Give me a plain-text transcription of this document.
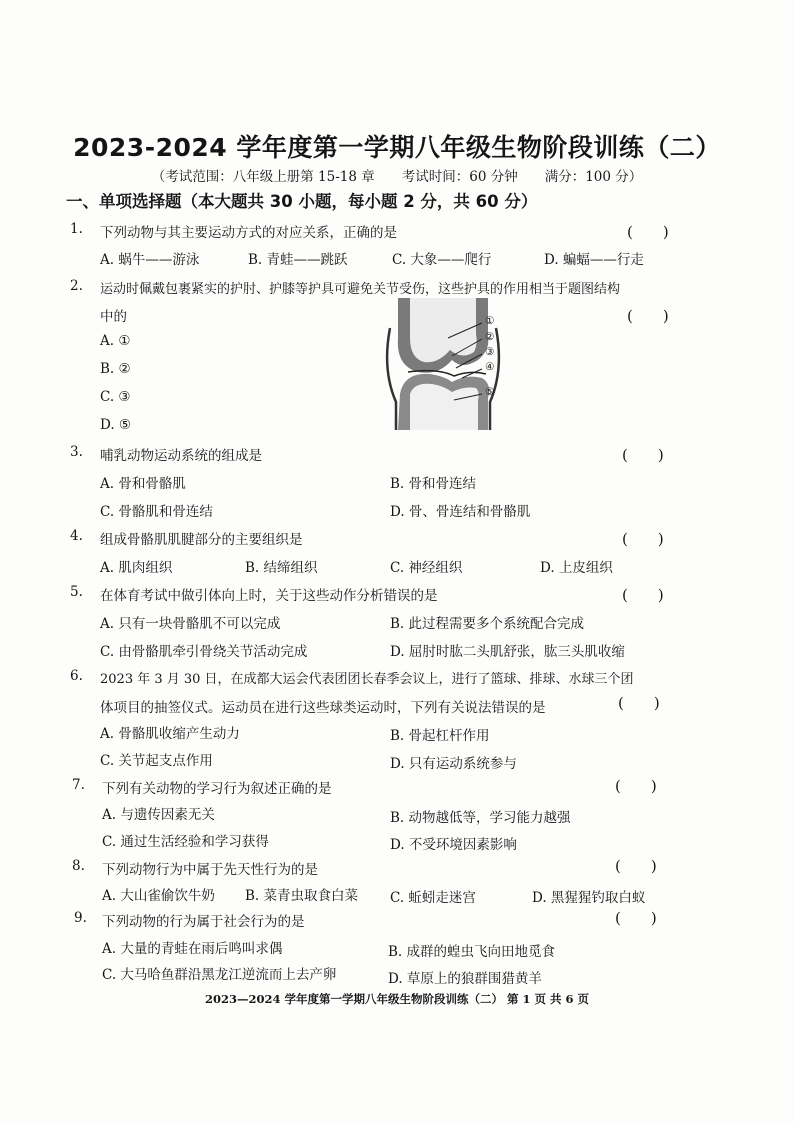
2023-2024 学年度第一学期八年级生物阶段训练（二）
（考试范围：八年级上册第 15-18 章　　考试时间：60 分钟　　满分：100 分）
一、单项选择题（本大题共 30 小题，每小题 2 分，共 60 分）
1. 下列动物与其主要运动方式的对应关系，正确的是	(　　)
A. 蜗牛——游泳	B. 青蛙——跳跃	C. 大象——爬行	D. 蝙蝠——行走
2. 运动时佩戴包裹紧实的护肘、护膝等护具可避免关节受伤，这些护具的作用相当于题图结构
中的	(　　)
A. ①
B. ②
C. ③
D. ⑤
①
②
③
④
⑤
3. 哺乳动物运动系统的组成是	(　　)
A. 骨和骨骼肌	B. 骨和骨连结
C. 骨骼肌和骨连结	D. 骨、骨连结和骨骼肌
4. 组成骨骼肌肌腱部分的主要组织是	(　　)
A. 肌肉组织	B. 结缔组织	C. 神经组织	D. 上皮组织
5. 在体育考试中做引体向上时，关于这些动作分析错误的是	(　　)
A. 只有一块骨骼肌不可以完成	B. 此过程需要多个系统配合完成
C. 由骨骼肌牵引骨绕关节活动完成	D. 屈肘时肱二头肌舒张，肱三头肌收缩
6. 2023 年 3 月 30 日，在成都大运会代表团团长春季会议上，进行了篮球、排球、水球三个团
体项目的抽签仪式。运动员在进行这些球类运动时，下列有关说法错误的是	(　　)
A. 骨骼肌收缩产生动力	B. 骨起杠杆作用
C. 关节起支点作用	D. 只有运动系统参与
7. 下列有关动物的学习行为叙述正确的是	(　　)
A. 与遗传因素无关	B. 动物越低等，学习能力越强
C. 通过生活经验和学习获得	D. 不受环境因素影响
8. 下列动物行为中属于先天性行为的是	(　　)
A. 大山雀偷饮牛奶 B. 菜青虫取食白菜 C. 蚯蚓走迷宫	D. 黑猩猩钓取白蚁
9. 下列动物的行为属于社会行为的是	(　　)
A. 大量的青蛙在雨后鸣叫求偶	B. 成群的蝗虫飞向田地觅食
C. 大马哈鱼群沿黑龙江逆流而上去产卵	D. 草原上的狼群围猎黄羊
2023—2024 学年度第一学期八年级生物阶段训练（二） 第 1 页 共 6 页
